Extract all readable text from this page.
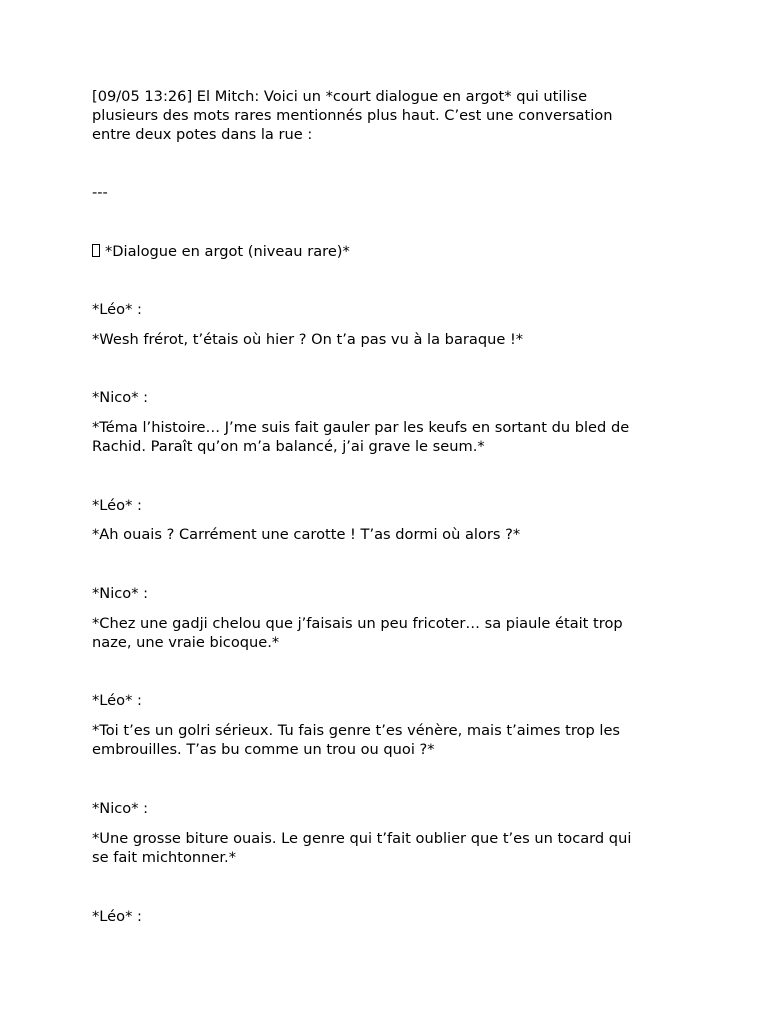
[09/05 13:26] El Mitch: Voici un *court dialogue en argot* qui utilise
plusieurs des mots rares mentionnés plus haut. C’est une conversation
entre deux potes dans la rue :
---
*Dialogue en argot (niveau rare)*
*Léo* :
*Wesh frérot, t’étais où hier ? On t’a pas vu à la baraque !*
*Nico* :
*Téma l’histoire… J’me suis fait gauler par les keufs en sortant du bled de
Rachid. Paraît qu’on m’a balancé, j’ai grave le seum.*
*Léo* :
*Ah ouais ? Carrément une carotte ! T’as dormi où alors ?*
*Nico* :
*Chez une gadji chelou que j’faisais un peu fricoter… sa piaule était trop
naze, une vraie bicoque.*
*Léo* :
*Toi t’es un golri sérieux. Tu fais genre t’es vénère, mais t’aimes trop les
embrouilles. T’as bu comme un trou ou quoi ?*
*Nico* :
*Une grosse biture ouais. Le genre qui t’fait oublier que t’es un tocard qui
se fait michtonner.*
*Léo* :
